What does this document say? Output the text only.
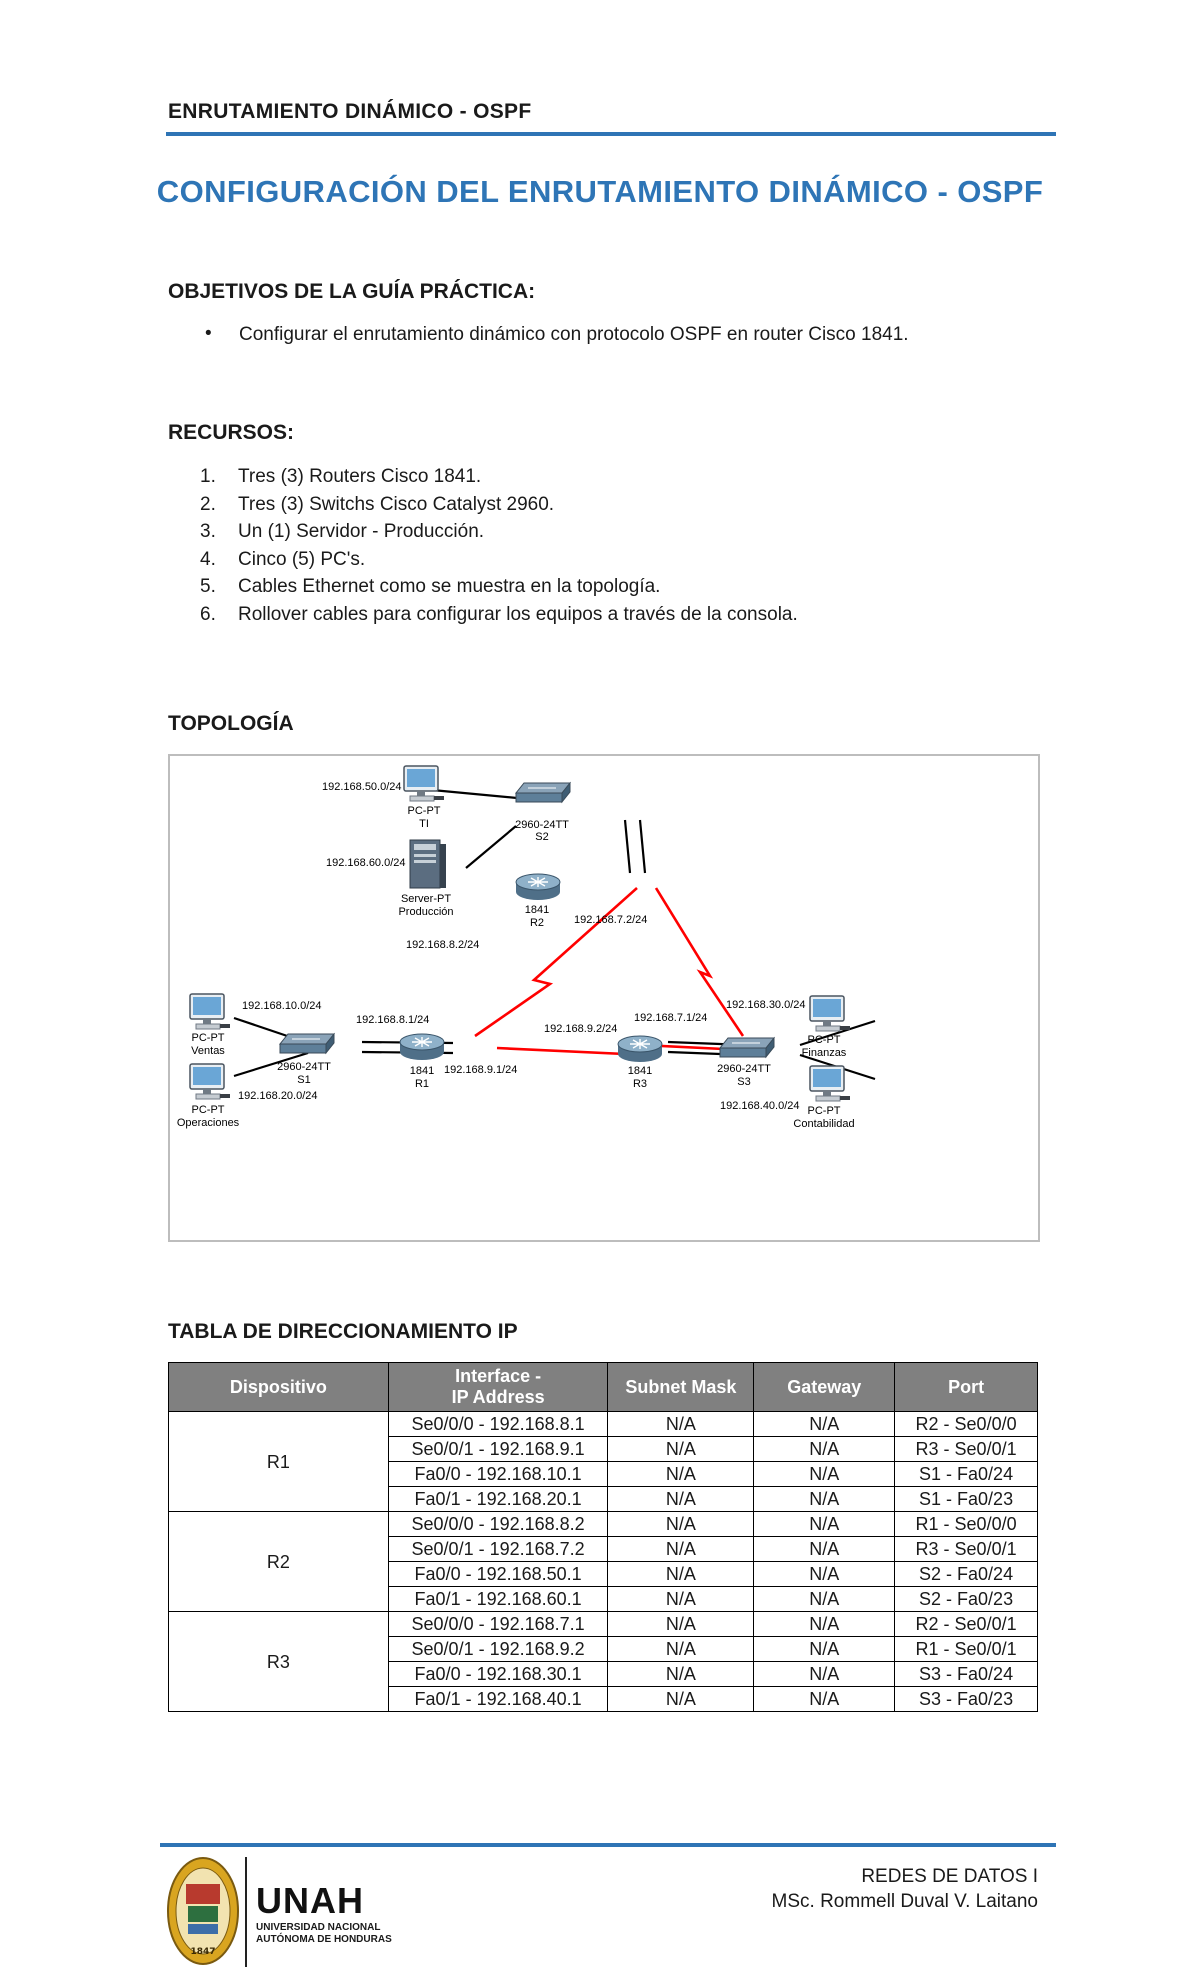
ENRUTAMIENTO DINÁMICO - OSPF
CONFIGURACIÓN DEL ENRUTAMIENTO DINÁMICO - OSPF
OBJETIVOS DE LA GUÍA PRÁCTICA:
• Configurar el enrutamiento dinámico con protocolo OSPF en router Cisco 1841.
RECURSOS:
1. Tres (3) Routers Cisco 1841.
2. Tres (3) Switchs Cisco Catalyst 2960.
3. Un (1) Servidor - Producción.
4. Cinco (5) PC's.
5. Cables Ethernet como se muestra en la topología.
6. Rollover cables para configurar los equipos a través de la consola.
TOPOLOGÍA
192.168.50.0/24
192.168.60.0/24
PC-PT
TI
Server-PT
Producción
2960-24TT
S2
1841
R2
192.168.8.2/24
192.168.7.2/24
192.168.10.0/24
192.168.20.0/24
PC-PT
Ventas
PC-PT
Operaciones
2960-24TT
S1
1841
R1
192.168.8.1/24
192.168.9.1/24
192.168.9.2/24
192.168.7.1/24
1841
R3
2960-24TT
S3
192.168.30.0/24
192.168.40.0/24
PC-PT
Finanzas
PC-PT
Contabilidad
TABLA DE DIRECCIONAMIENTO IP
Dispositivo	Interface -
IP Address	Subnet Mask	Gateway	Port
R1	Se0/0/0 - 192.168.8.1	N/A	N/A	R2 - Se0/0/0
	Se0/0/1 - 192.168.9.1	N/A	N/A	R3 - Se0/0/1
	Fa0/0 - 192.168.10.1	N/A	N/A	S1 - Fa0/24
	Fa0/1 - 192.168.20.1	N/A	N/A	S1 - Fa0/23
R2	Se0/0/0 - 192.168.8.2	N/A	N/A	R1 - Se0/0/0
	Se0/0/1 - 192.168.7.2	N/A	N/A	R3 - Se0/0/1
	Fa0/0 - 192.168.50.1	N/A	N/A	S2 - Fa0/24
	Fa0/1 - 192.168.60.1	N/A	N/A	S2 - Fa0/23
R3	Se0/0/0 - 192.168.7.1	N/A	N/A	R2 - Se0/0/1
	Se0/0/1 - 192.168.9.2	N/A	N/A	R1 - Se0/0/1
	Fa0/0 - 192.168.30.1	N/A	N/A	S3 - Fa0/24
	Fa0/1 - 192.168.40.1	N/A	N/A	S3 - Fa0/23
1847
UNAH
UNIVERSIDAD NACIONAL
AUTÓNOMA DE HONDURAS
REDES DE DATOS I
MSc. Rommell Duval V. Laitano
